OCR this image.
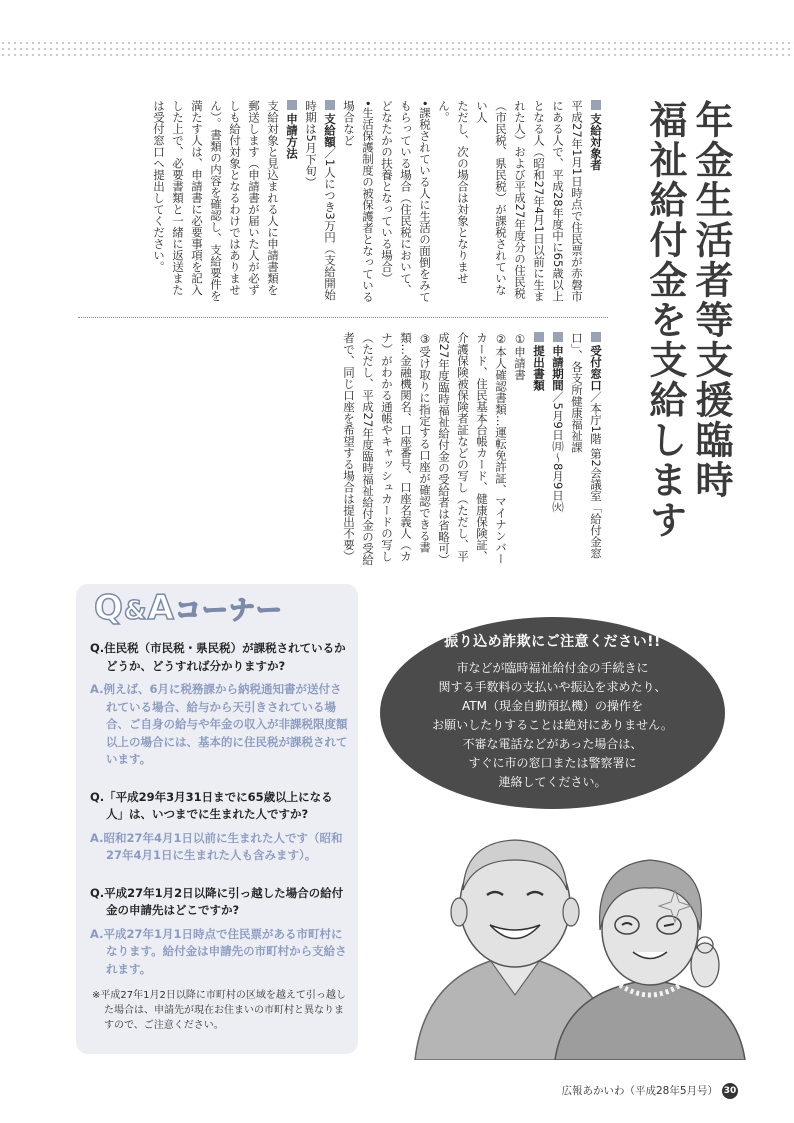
年金生活者等支援臨時
福祉給付金を支給します

支給対象者

平成27年1月1日時点で住民票が赤磐市にある人で、平成28年度中に65歳以上となる人（昭和27年4月1日以前に生まれた人）および平成27年度分の住民税（市民税、県民税）が課税されていない人

ただし、次の場合は対象となりません。

•課税されている人に生活の面倒をみてもらっている場合（住民税において、どなたかの扶養となっている場合）

•生活保護制度の被保護者となっている場合など

支給額／1人につき3万円（支給開始時期は5月下旬）

申請方法

支給対象と見込まれる人に申請書類を郵送します（申請書が届いた人が必ずしも給付対象となるわけではありません）。書類の内容を確認し、支給要件を満たす人は、申請書に必要事項を記入した上で、必要書類と一緒に返送または受付窓口へ提出してください。

受付窓口／本庁1階 第2会議室「給付金窓口」、各支所健康福祉課

申請期間／5月9日㈪～8月9日㈫

提出書類

①申請書

②本人確認書類…運転免許証、マイナンバーカード、住民基本台帳カード、健康保険証、介護保険被保険者証などの写し（ただし、平成27年度臨時福祉給付金の受給者は省略可）

③受け取りに指定する口座が確認できる書類…金融機関名、口座番号、口座名義人（カナ）がわかる通帳やキャッシュカードの写し（ただし、平成27年度臨時福祉給付金の受給者で、同じ口座を希望する場合は提出不要）

Q&Aコーナー

Q.住民税（市民税・県民税）が課税されているかどうか、どうすれば分かりますか?

A.例えば、6月に税務課から納税通知書が送付されている場合、給与から天引きされている場合、ご自身の給与や年金の収入が非課税限度額以上の場合には、基本的に住民税が課税されています。

Q.「平成29年3月31日までに65歳以上になる人」は、いつまでに生まれた人ですか?

A.昭和27年4月1日以前に生まれた人です（昭和27年4月1日に生まれた人も含みます）。

Q.平成27年1月2日以降に引っ越した場合の給付金の申請先はどこですか?

A.平成27年1月1日時点で住民票がある市町村になります。給付金は申請先の市町村から支給されます。

※平成27年1月2日以降に市町村の区域を越えて引っ越した場合は、申請先が現在お住まいの市町村と異なりますので、ご注意ください。

振り込め詐欺にご注意ください!!

市などが臨時福祉給付金の手続きに

関する手数料の支払いや振込を求めたり、

ATM（現金自動預払機）の操作を

お願いしたりすることは絶対にありません。

不審な電話などがあった場合は、

すぐに市の窓口または警察署に

連絡してください。

広報あかいわ（平成28年5月号） 30
